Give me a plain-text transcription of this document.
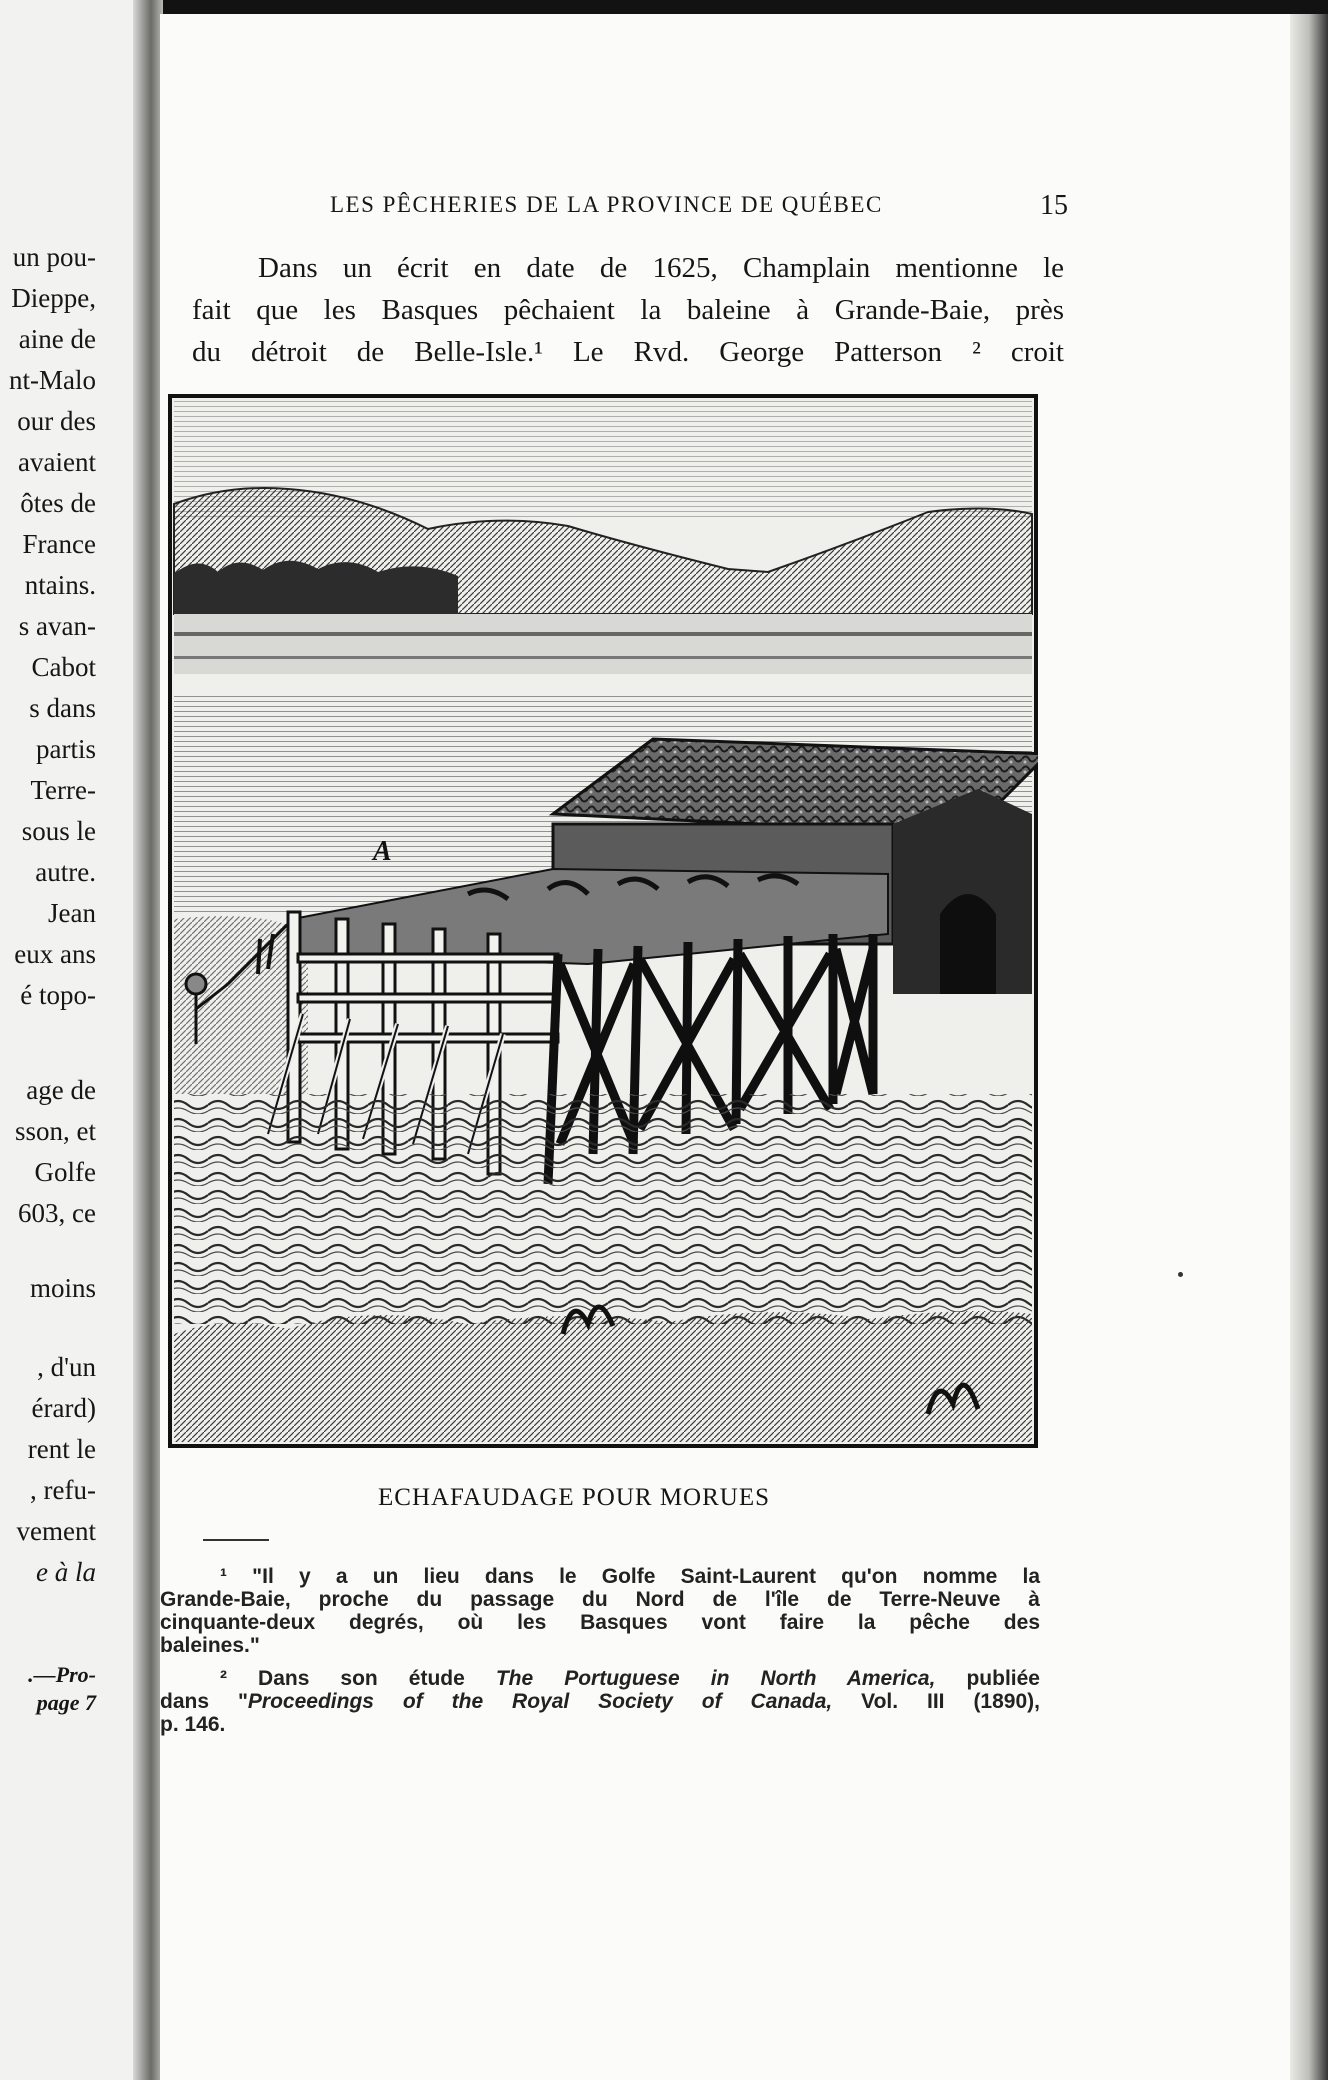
un pou-
Dieppe,
aine de
nt-Malo
our des
avaient
ôtes de
France
ntains.
s avan-
Cabot
s dans
partis
Terre-
sous le
autre.
Jean
eux ans
é topo-
age de
sson, et
Golfe
603, ce
moins
, d'un
érard)
rent le
, refu-
vement
e à la
.—Pro-
page 7
LES PÊCHERIES DE LA PROVINCE DE QUÉBEC	15
Dans un écrit en date de 1625, Champlain mentionne le
fait que les Basques pêchaient la baleine à Grande-Baie, près
du détroit de Belle-Isle.¹ Le Rvd. George Patterson ² croit
A
ECHAFAUDAGE POUR MORUES
¹ "Il y a un lieu dans le Golfe Saint-Laurent qu'on nomme la
Grande-Baie, proche du passage du Nord de l'île de Terre-Neuve à
cinquante-deux degrés, où les Basques vont faire la pêche des
baleines."
² Dans son étude The Portuguese in North America, publiée
dans "Proceedings of the Royal Society of Canada, Vol. III (1890),
p. 146.
